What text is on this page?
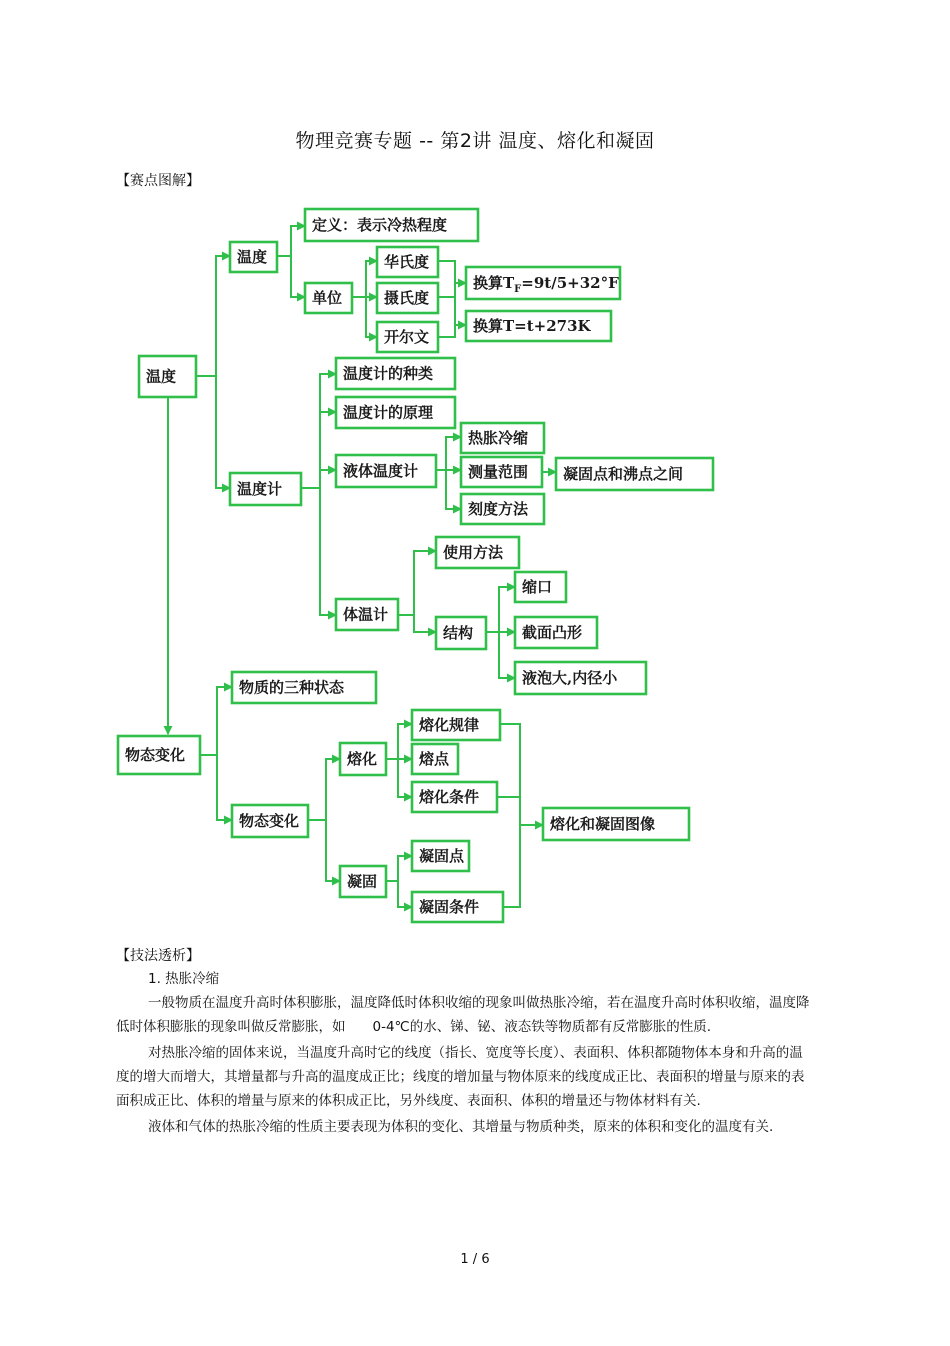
物理竞赛专题 -- 第2讲 温度、熔化和凝固
【赛点图解】
温度
温度
定义：表示冷热程度
单位
华氏度
摄氏度
开尔文
换算$T_F=9t/5+32^\circ F$
换算T=t+273K
温度计
温度计的种类
温度计的原理
液体温度计
热胀冷缩
测量范围
刻度方法
凝固点和沸点之间
体温计
使用方法
结构
缩口
截面凸形
液泡大,内径小
物态变化
物质的三种状态
物态变化
熔化
熔化规律
熔点
熔化条件
凝固
凝固点
凝固条件
熔化和凝固图像
【技法透析】

1. 热胀冷缩

一般物质在温度升高时体积膨胀，温度降低时体积收缩的现象叫做热胀冷缩，若在温度升高时体积收缩，温度降低时体积膨胀的现象叫做反常膨胀，如　　0-4℃的水、锑、铋、液态铁等物质都有反常膨胀的性质.

对热胀冷缩的固体来说，当温度升高时它的线度（指长、宽度等长度）、表面积、体积都随物体本身和升高的温度的增大而增大，其增量都与升高的温度成正比；线度的增加量与物体原来的线度成正比、表面积的增量与原来的表面积成正比、体积的增量与原来的体积成正比，另外线度、表面积、体积的增量还与物体材料有关.

液体和气体的热胀冷缩的性质主要表现为体积的变化、其增量与物质种类，原来的体积和变化的温度有关.

1 / 6
